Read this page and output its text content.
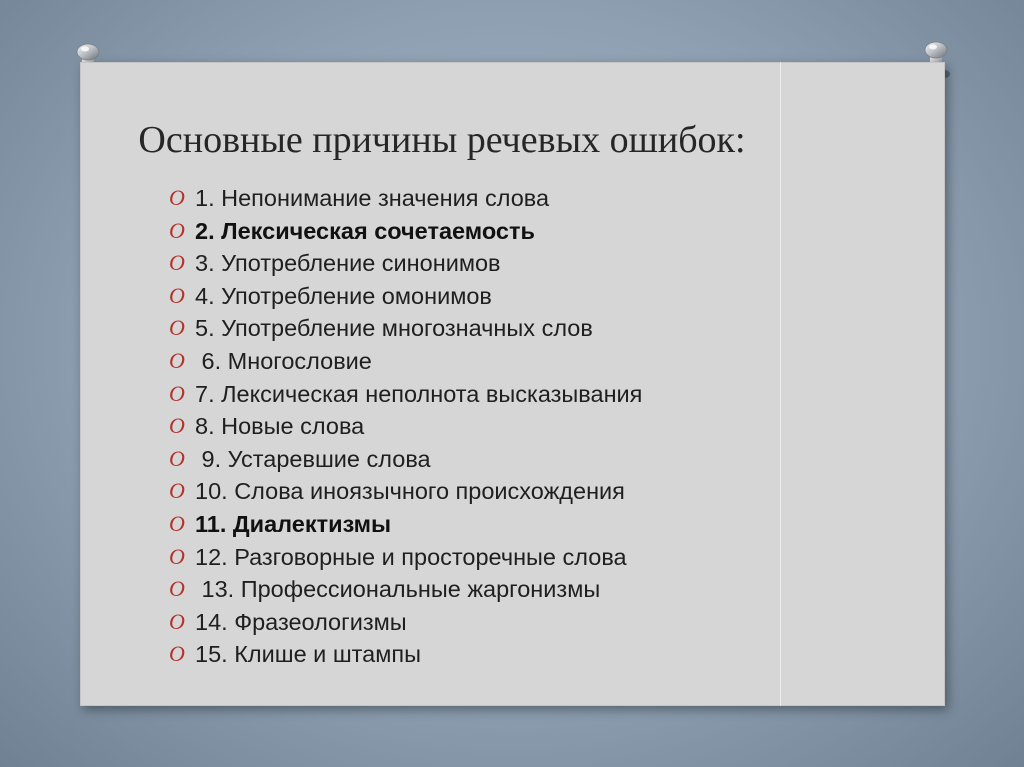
Основные причины речевых ошибок:
O 1. Непонимание значения слова
O 2. Лексическая сочетаемость
O 3. Употребление синонимов
O 4. Употребление омонимов
O 5. Употребление многозначных слов
O 6. Многословие
O 7. Лексическая неполнота высказывания
O 8. Новые слова
O 9. Устаревшие слова
O 10. Слова иноязычного происхождения
O 11. Диалектизмы
O 12. Разговорные и просторечные слова
O 13. Профессиональные жаргонизмы
O 14. Фразеологизмы
O 15. Клише и штампы
